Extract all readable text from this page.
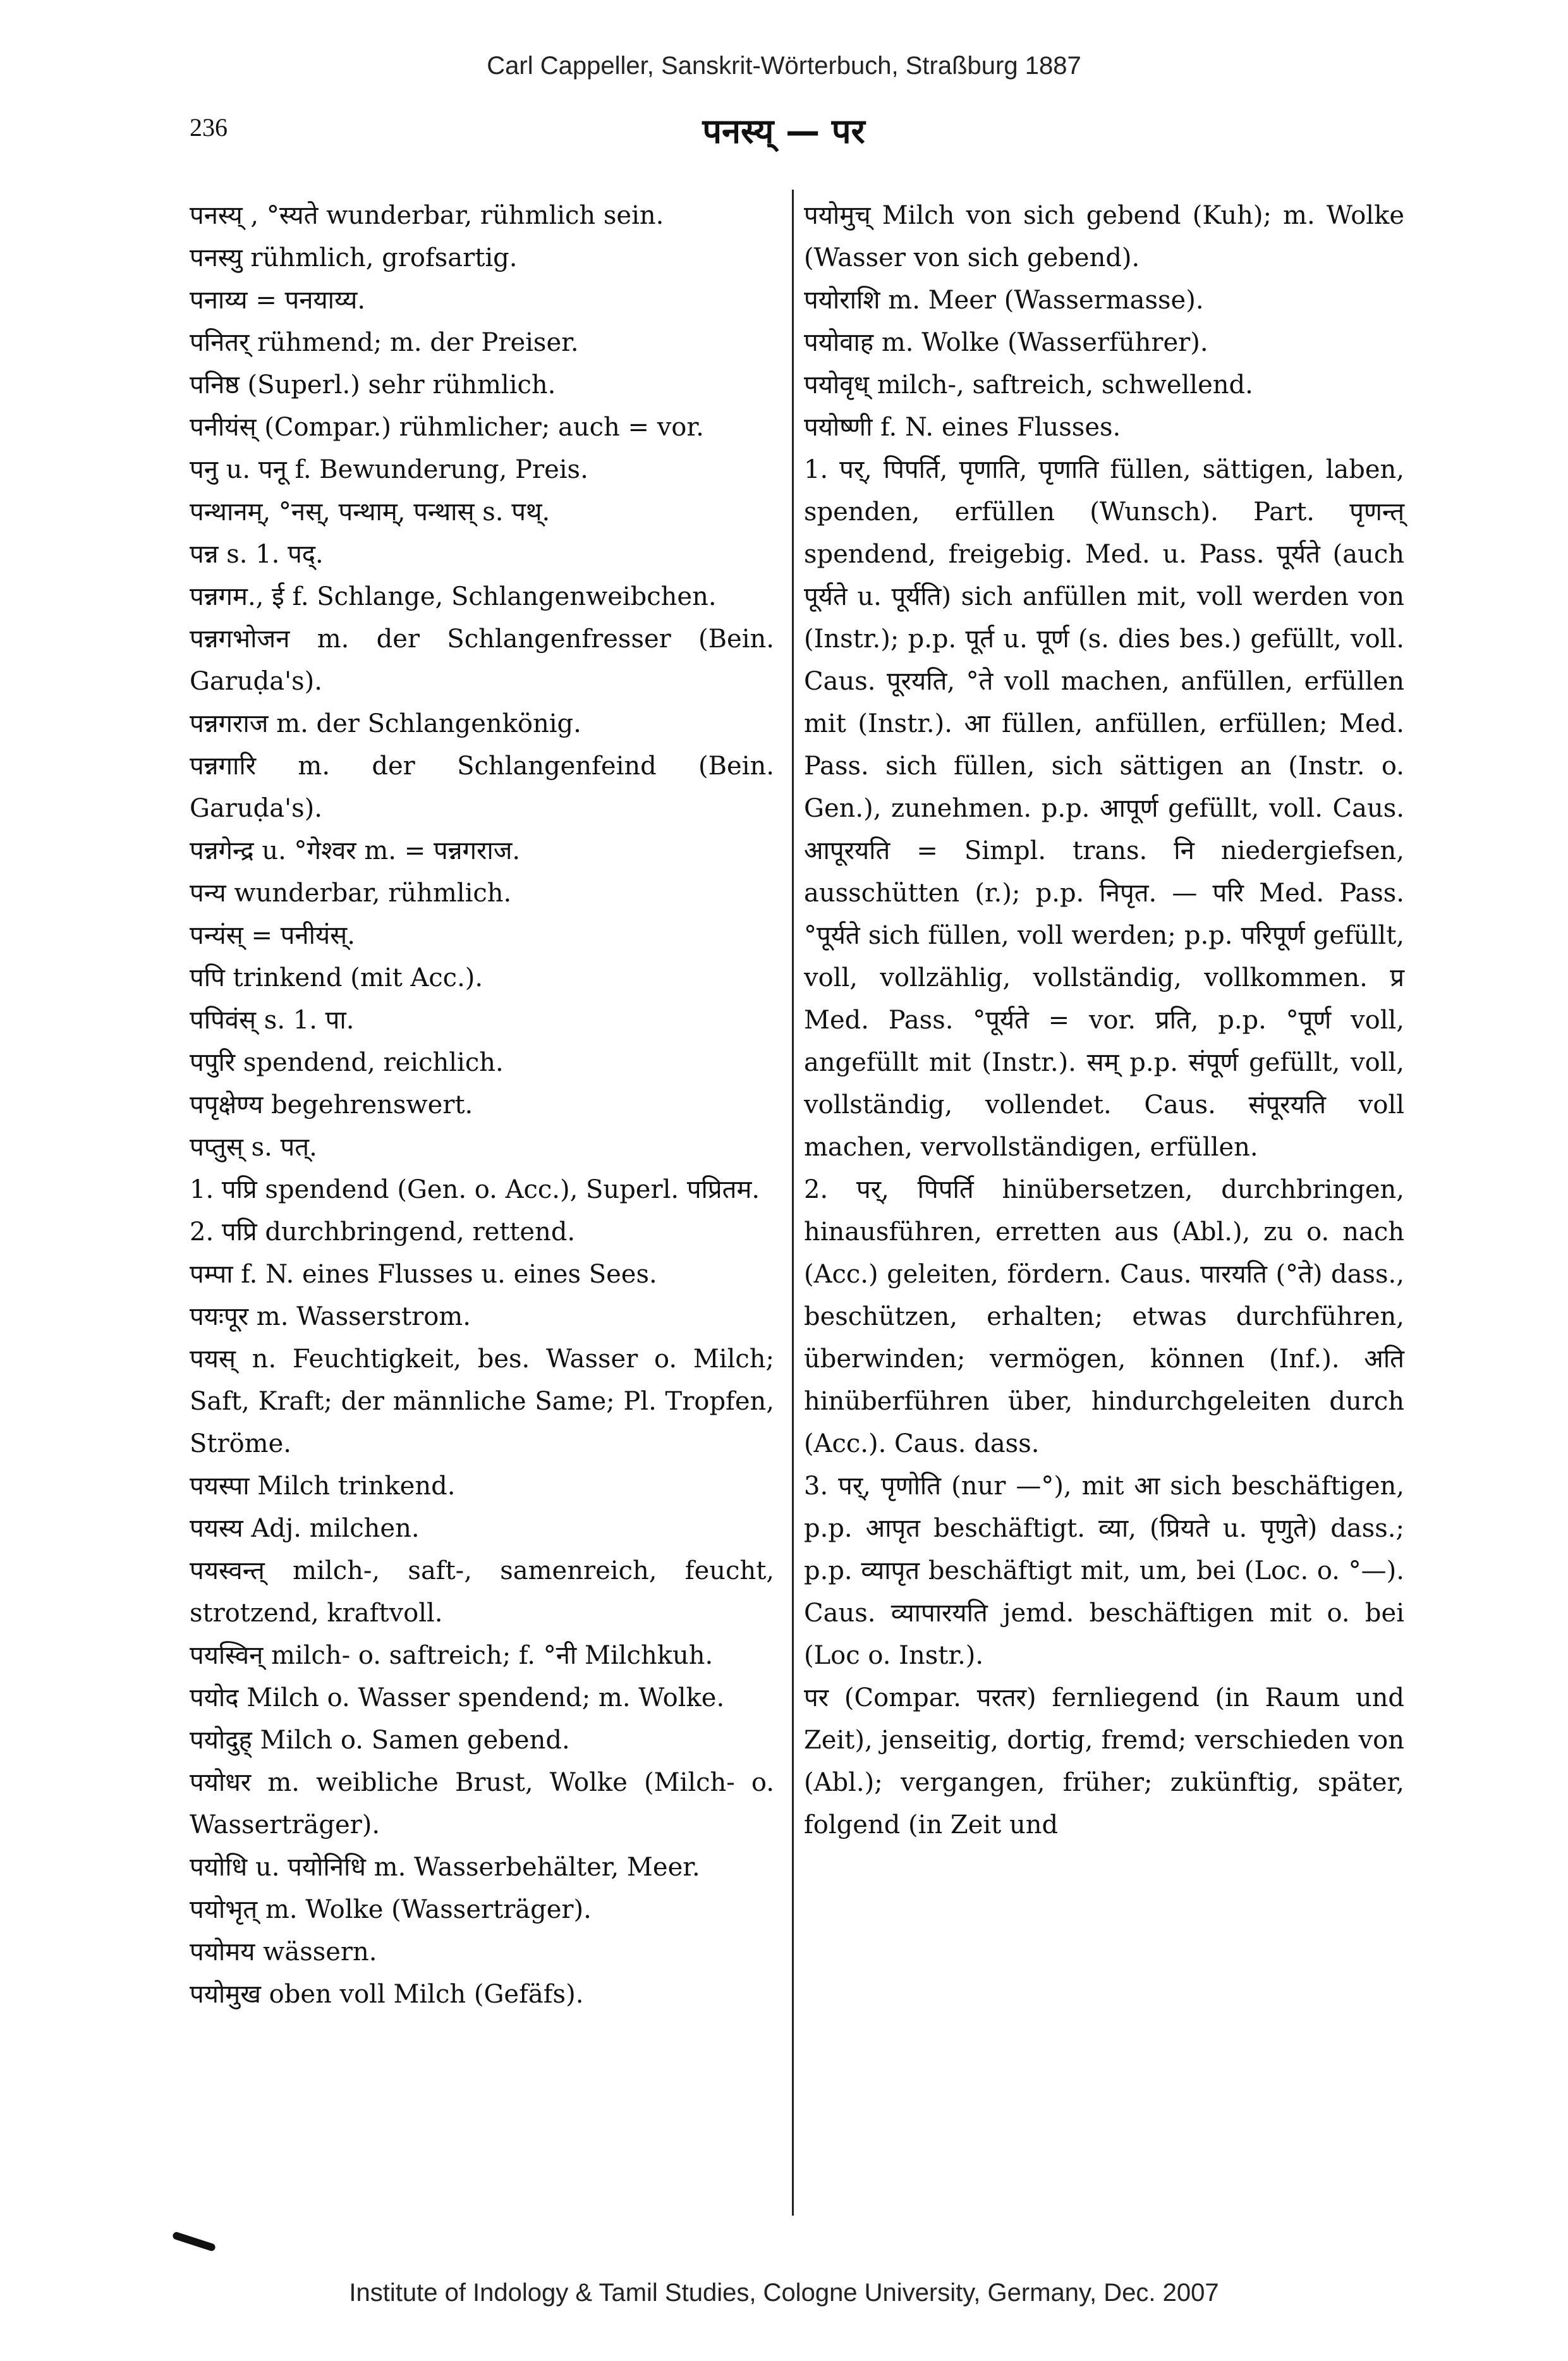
Carl Cappeller, Sanskrit-Wörterbuch, Straßburg 1887
236	पनस्य् — पर
पनस्य् , °स्यते wunderbar, rühmlich sein.
पनस्यु rühmlich, grofsartig.
पनाय्य = पनयाय्य.
पनितर् rühmend; m. der Preiser.
पनिष्ठ (Superl.) sehr rühmlich.
पनीयंस् (Compar.) rühmlicher; auch = vor.
पनु u. पनू f. Bewunderung, Preis.
पन्थानम्, °नस्, पन्थाम्, पन्थास् s. पथ्.
पन्न s. 1. पद्.
पन्नगम., ई f. Schlange, Schlangenweibchen.
पन्नगभोजन m. der Schlangenfresser (Bein. Garuḍa's).
पन्नगराज m. der Schlangenkönig.
पन्नगारि m. der Schlangenfeind (Bein. Garuḍa's).
पन्नगेन्द्र u. °गेश्वर m. = पन्नगराज.
पन्य wunderbar, rühmlich.
पन्यंस् = पनीयंस्.
पपि trinkend (mit Acc.).
पपिवंस् s. 1. पा.
पपुरि spendend, reichlich.
पपृक्षेण्य begehrenswert.
पप्तुस् s. पत्.
1. पप्रि spendend (Gen. o. Acc.), Superl. पप्रितम.
2. पप्रि durchbringend, rettend.
पम्पा f. N. eines Flusses u. eines Sees.
पयःपूर m. Wasserstrom.
पयस् n. Feuchtigkeit, bes. Wasser o. Milch; Saft, Kraft; der männliche Same; Pl. Tropfen, Ströme.
पयस्पा Milch trinkend.
पयस्य Adj. milchen.
पयस्वन्त् milch-, saft-, samenreich, feucht, strotzend, kraftvoll.
पयस्विन् milch- o. saftreich; f. °नी Milchkuh.
पयोद Milch o. Wasser spendend; m. Wolke.
पयोदुह् Milch o. Samen gebend.
पयोधर m. weibliche Brust, Wolke (Milch- o. Wasserträger).
पयोधि u. पयोनिधि m. Wasserbehälter, Meer.
पयोभृत् m. Wolke (Wasserträger).
पयोमय wässern.
पयोमुख oben voll Milch (Gefäfs).
पयोमुच् Milch von sich gebend (Kuh); m. Wolke (Wasser von sich gebend).
पयोराशि m. Meer (Wassermasse).
पयोवाह m. Wolke (Wasserführer).
पयोवृध् milch-, saftreich, schwellend.
पयोष्णी f. N. eines Flusses.
1. पर्, पिपर्ति, पृणाति, पृणाति füllen, sättigen, laben, spenden, erfüllen (Wunsch). Part. पृणन्त् spendend, freigebig. Med. u. Pass. पूर्यते (auch पूर्यते u. पूर्यति) sich anfüllen mit, voll werden von (Instr.); p.p. पूर्त u. पूर्ण (s. dies bes.) gefüllt, voll. Caus. पूरयति, °ते voll machen, anfüllen, erfüllen mit (Instr.). आ füllen, anfüllen, erfüllen; Med. Pass. sich füllen, sich sättigen an (Instr. o. Gen.), zunehmen. p.p. आपूर्ण gefüllt, voll. Caus. आपूरयति = Simpl. trans. नि niedergiefsen, ausschütten (r.); p.p. निपृत. — परि Med. Pass. °पूर्यते sich füllen, voll werden; p.p. परिपूर्ण gefüllt, voll, vollzählig, vollständig, vollkommen. प्र Med. Pass. °पूर्यते = vor. प्रति, p.p. °पूर्ण voll, angefüllt mit (Instr.). सम् p.p. संपूर्ण gefüllt, voll, vollständig, vollendet. Caus. संपूरयति voll machen, vervollständigen, erfüllen.
2. पर्, पिपर्ति hinübersetzen, durchbringen, hinausführen, erretten aus (Abl.), zu o. nach (Acc.) geleiten, fördern. Caus. पारयति (°ते) dass., beschützen, erhalten; etwas durchführen, überwinden; vermögen, können (Inf.). अति hinüberführen über, hindurchgeleiten durch (Acc.). Caus. dass.
3. पर्, पृणोति (nur —°), mit आ sich beschäftigen, p.p. आपृत beschäftigt. व्या, (प्रियते u. पृणुते) dass.; p.p. व्यापृत beschäftigt mit, um, bei (Loc. o. °—). Caus. व्यापारयति jemd. beschäftigen mit o. bei (Loc o. Instr.).
पर (Compar. परतर) fernliegend (in Raum und Zeit), jenseitig, dortig, fremd; verschieden von (Abl.); vergangen, früher; zukünftig, später, folgend (in Zeit und
Institute of Indology & Tamil Studies, Cologne University, Germany, Dec. 2007
